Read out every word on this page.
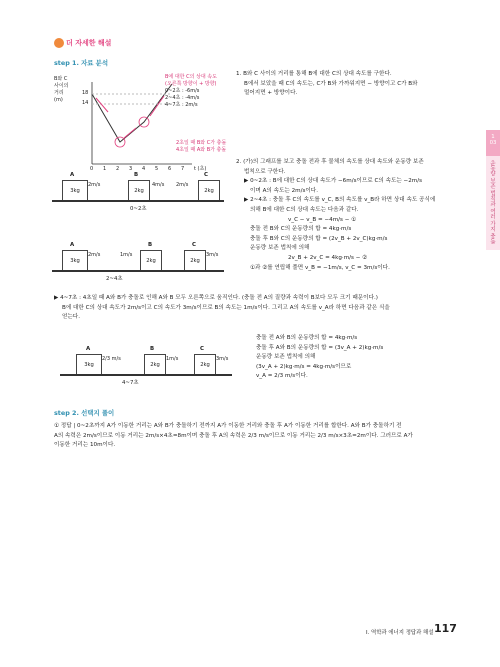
더 자세한 해설
step 1. 자료 분석
B와 C
사이의
거리
(m)
18
14
0 1 2 3 4 5 6 7 t (초)
B에 대한 C의 상대 속도
(오른쪽 방향이 + 방향)
0~2초 : -6m/s
2~4초 : -4m/s
4~7초 : 2m/s
2초일 때 B와 C가 충돌
4초일 때 A와 B가 충돌
1. B와 C 사이의 거리를 통해 B에 대한 C의 상대 속도를 구한다.
B에서 보았을 때 C의 속도는, C가 B와 가까워지면 − 방향이고 C가 B와
멀어지면 + 방향이다.
2. (가)의 그래프를 보고 충돌 전과 후 물체의 속도를 상대 속도와 운동량 보존
법칙으로 구한다.
▶ 0~2초 : B에 대한 C의 상대 속도가 −6m/s이므로 C의 속도는 −2m/s
이며 A의 속도는 2m/s이다.
▶ 2~4초 : 충돌 후 C의 속도를 v_C, B의 속도를 v_B라 하면 상대 속도 공식에
의해 B에 대한 C의 상대 속도는 다음과 같다.
v_C − v_B = −4m/s − ①
충돌 전 B와 C의 운동량의 합 = 4kg·m/s
충돌 후 B와 C의 운동량의 합 = (2v_B + 2v_C)kg·m/s
운동량 보존 법칙에 의해
2v_B + 2v_C = 4kg·m/s − ②
①과 ②를 연립해 풀면 v_B = −1m/s, v_C = 3m/s이다.
A	B	C
3kg	2kg	2kg
2m/s	4m/s 2m/s
0~2초
A	B	C
3kg	2kg	2kg
2m/s	1m/s	3m/s
2~4초
▶ 4~7초 : 4초일 때 A와 B가 충돌로 인해 A와 B 모두 오른쪽으로 움직인다. (충돌 전 A의 질량과 속력이 B보다 모두 크기 때문이다.)
B에 대한 C의 상대 속도가 2m/s이고 C의 속도가 3m/s이므로 B의 속도는 1m/s이다. 그리고 A의 속도를 v_A라 하면 다음과 같은 식을
얻는다.
A	B	C
3kg	2kg	2kg
2/3 m/s	1m/s	3m/s
4~7초
충돌 전 A와 B의 운동량의 합 = 4kg·m/s
충돌 후 A와 B의 운동량의 합 = (3v_A + 2)kg·m/s
운동량 보존 법칙에 의해
(3v_A + 2)kg·m/s = 4kg·m/s이므로
v_A = 2/3 m/s이다.
step 2. 선택지 풀이
① 정답 | 0~2초까지 A가 이동한 거리는 A와 B가 충돌하기 전까지 A가 이동한 거리와 충돌 후 A가 이동한 거리를 합한다. A와 B가 충돌하기 전
A의 속력은 2m/s이므로 이동 거리는 2m/s×4초=8m이며 충돌 후 A의 속력은 2/3 m/s이므로 이동 거리는 2/3 m/s×3초=2m이다. 그러므로 A가
이동한 거리는 10m이다.
1
03
운동량 보존 법칙과 여러 가지 충돌
I. 역학과 에너지 정답과 해설 117
